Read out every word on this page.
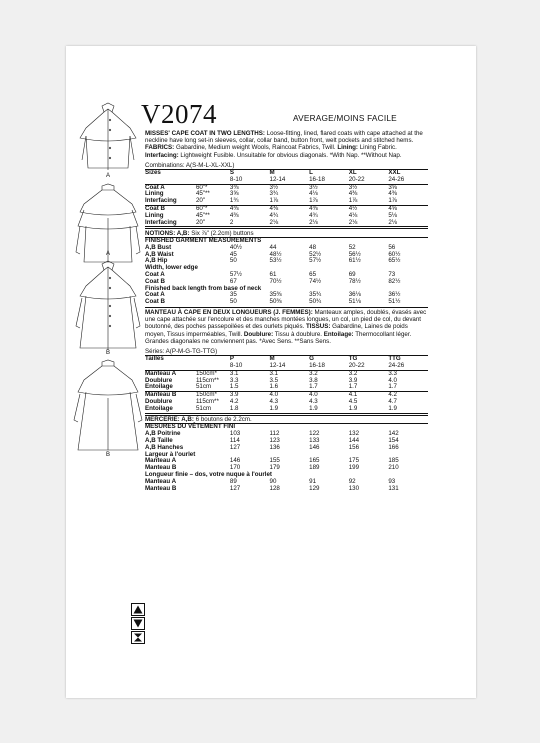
A
A
B
B
V2074	AVERAGE/MOINS FACILE

MISSES' CAPE COAT IN TWO LENGTHS: Loose-fitting, lined, flared coats with cape attached at the neckline have long set-in sleeves, collar, collar band, button front, welt pockets and stitched hems. FABRICS: Gabardine, Medium weight Wools, Raincoat Fabrics, Twill. Lining: Lining Fabric. Interfacing: Lightweight Fusible. Unsuitable for obvious diagonals. *With Nap. **Without Nap.

Combinations: A(S-M-L-XL-XXL)
Sizes		S	M	L	XL	XXL
		8-10	12-14	16-18	20-22	24-26
Coat A	60"*	3⅜	3½	3½	3½	3⅝
Lining	45"**	3⅝	3¾	4⅛	4⅜	4⅜
Interfacing	20"	1¾	1⅞	1⅞	1⅞	1⅞
Coat B	60"*	4⅜	4⅜	4⅜	4½	4⅝
Lining	45"**	4⅜	4¾	4¾	4⅛	5⅛
Interfacing	20"	2	2⅛	2⅛	2⅛	2⅛
NOTIONS: A,B: Six ⅞" (2.2cm) buttons
FINISHED GARMENT MEASUREMENTS					
A,B Bust	40½	44	48	52	56
A,B Waist	45	48½	52½	56½	60½
A,B Hip	50	53½	57½	61½	65½
Width, lower edge					
Coat A	57½	61	65	69	73
Coat B	67	70½	74½	78½	82½
Finished back length from base of neck					
Coat A	35	35⅜	35¾	36⅛	36½
Coat B	50	50⅜	50¾	51⅛	51½

MANTEAU À CAPE EN DEUX LONGUEURS (J. FEMMES): Manteaux amples, doublés, évasés avec une cape attachée sur l'encolure et des manches montées longues, un col, un pied de col, du devant boutonné, des poches passepoilées et des ourlets piqués. TISSUS: Gabardine, Laines de poids moyen, Tissus imperméables, Twill. Doublure: Tissu à doublure. Entoilage: Thermocollant léger. Grandes diagonales ne conviennent pas. *Avec Sens. **Sans Sens.

Séries: A(P-M-G-TG-TTG)
Tailles		P	M	G	TG	TTG
		8-10	12-14	16-18	20-22	24-26
Manteau A	150cm*	3.1	3.1	3.2	3.2	3.3
Doublure	115cm**	3.3	3.5	3.8	3.9	4.0
Entoilage	51cm	1.5	1.6	1.7	1.7	1.7
Manteau B	150cm*	3.9	4.0	4.0	4.1	4.2
Doublure	115cm**	4.2	4.3	4.3	4.5	4.7
Entoilage	51cm	1.8	1.9	1.9	1.9	1.9
MERCERIE: A,B: 6 boutons de 2.2cm.
MESURES DU VÊTEMENT FINI					
A,B Poitrine	103	112	122	132	142
A,B Taille	114	123	133	144	154
A,B Hanches	127	136	146	156	166
Largeur à l'ourlet					
Manteau A	146	155	165	175	185
Manteau B	170	179	189	199	210
Longueur finie – dos, votre nuque à l'ourlet					
Manteau A	89	90	91	92	93
Manteau B	127	128	129	130	131
